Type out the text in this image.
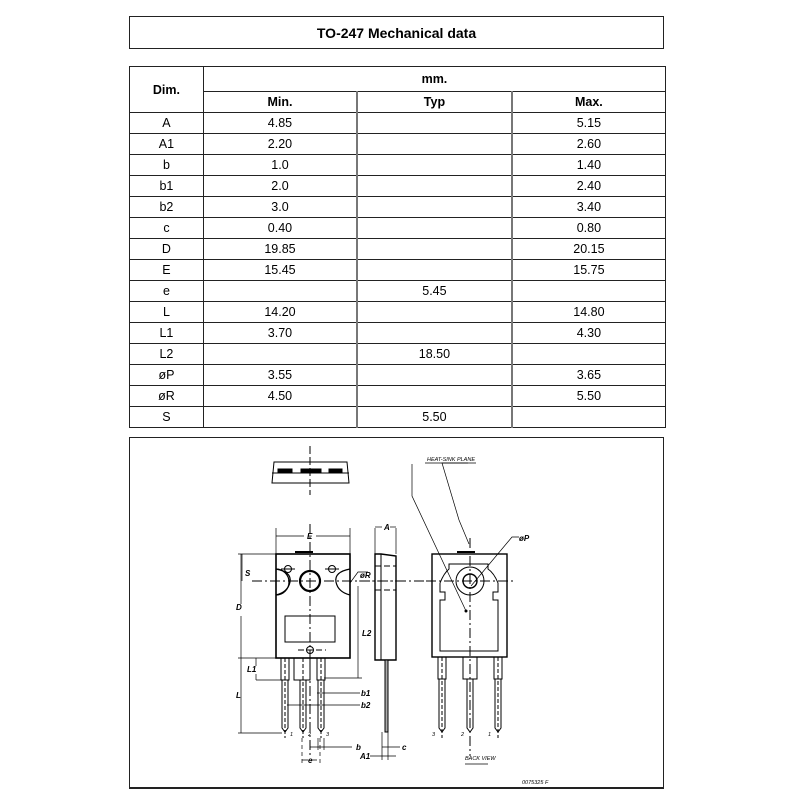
TO-247 Mechanical data
Dim.	mm.		
	Min.	Typ	Max.
A	4.85		5.15
A1	2.20		2.60
b	1.0		1.40
b1	2.0		2.40
b2	3.0		3.40
c	0.40		0.80
D	19.85		20.15
E	15.45		15.75
e		5.45	
L	14.20		14.80
L1	3.70		4.30
L2		18.50	
øP	3.55		3.65
øR	4.50		5.50
S		5.50	
E
A
S
D
L
L1
L2
øR
øP
b1
b2
b	c
e	A1
HEAT-SINK PLANE
BACK VIEW
1	2	3	3	2	1
0075325 F
